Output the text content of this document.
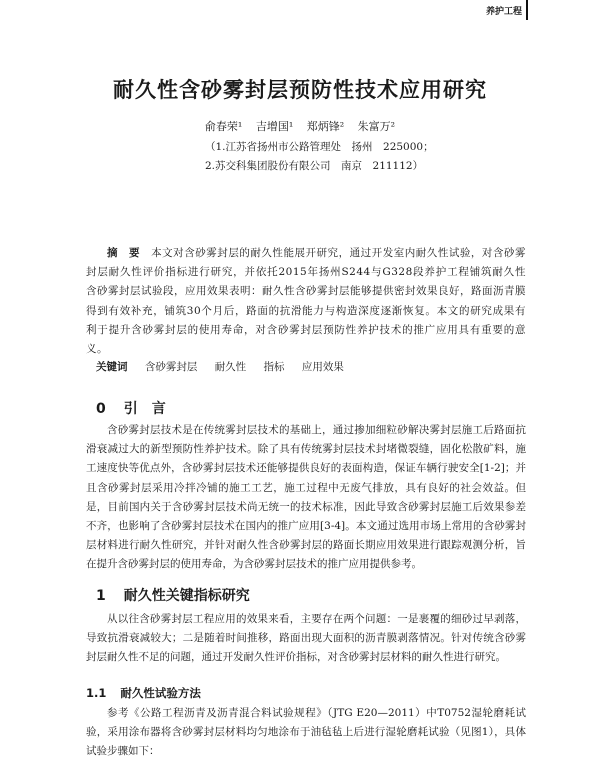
养护工程
耐久性含砂雾封层预防性技术应用研究
俞春荣¹ 吉增国¹ 郑炳锋² 朱富万²
（1.江苏省扬州市公路管理处　扬州　225000；
2.苏交科集团股份有限公司　南京　211112）

摘　要　 本文对含砂雾封层的耐久性能展开研究，通过开发室内耐久性试验，对含砂雾封层耐久性评价指标进行研究，并依托2015年扬州S244与G328段养护工程铺筑耐久性含砂雾封层试验段，应用效果表明：耐久性含砂雾封层能够提供密封效果良好，路面沥青膜得到有效补充，铺筑30个月后，路面的抗滑能力与构造深度逐渐恢复。本文的研究成果有利于提升含砂雾封层的使用寿命，对含砂雾封层预防性养护技术的推广应用具有重要的意义。

关键词 含砂雾封层 耐久性 指标 应用效果
0 引　言

含砂雾封层技术是在传统雾封层技术的基础上，通过掺加细粒砂解决雾封层施工后路面抗滑衰减过大的新型预防性养护技术。除了具有传统雾封层技术封堵微裂缝，固化松散矿料，施工速度快等优点外，含砂雾封层技术还能够提供良好的表面构造，保证车辆行驶安全[1-2]；并且含砂雾封层采用冷拌冷铺的施工工艺，施工过程中无废气排放，具有良好的社会效益。但是，目前国内关于含砂雾封层技术尚无统一的技术标准，因此导致含砂雾封层施工后效果参差不齐，也影响了含砂雾封层技术在国内的推广应用[3-4]。本文通过选用市场上常用的含砂雾封层材料进行耐久性研究，并针对耐久性含砂雾封层的路面长期应用效果进行跟踪观测分析，旨在提升含砂雾封层的使用寿命，为含砂雾封层技术的推广应用提供参考。

1 耐久性关键指标研究

从以往含砂雾封层工程应用的效果来看，主要存在两个问题：一是裹覆的细砂过早剥落，导致抗滑衰减较大；二是随着时间推移，路面出现大面积的沥青膜剥落情况。针对传统含砂雾封层耐久性不足的问题，通过开发耐久性评价指标，对含砂雾封层材料的耐久性进行研究。

1.1 耐久性试验方法

参考《公路工程沥青及沥青混合料试验规程》（JTG E20—2011）中T0752湿轮磨耗试验，采用涂布器将含砂雾封层材料均匀地涂布于油毡毡上后进行湿轮磨耗试验（见图1），具体试验步骤如下：
